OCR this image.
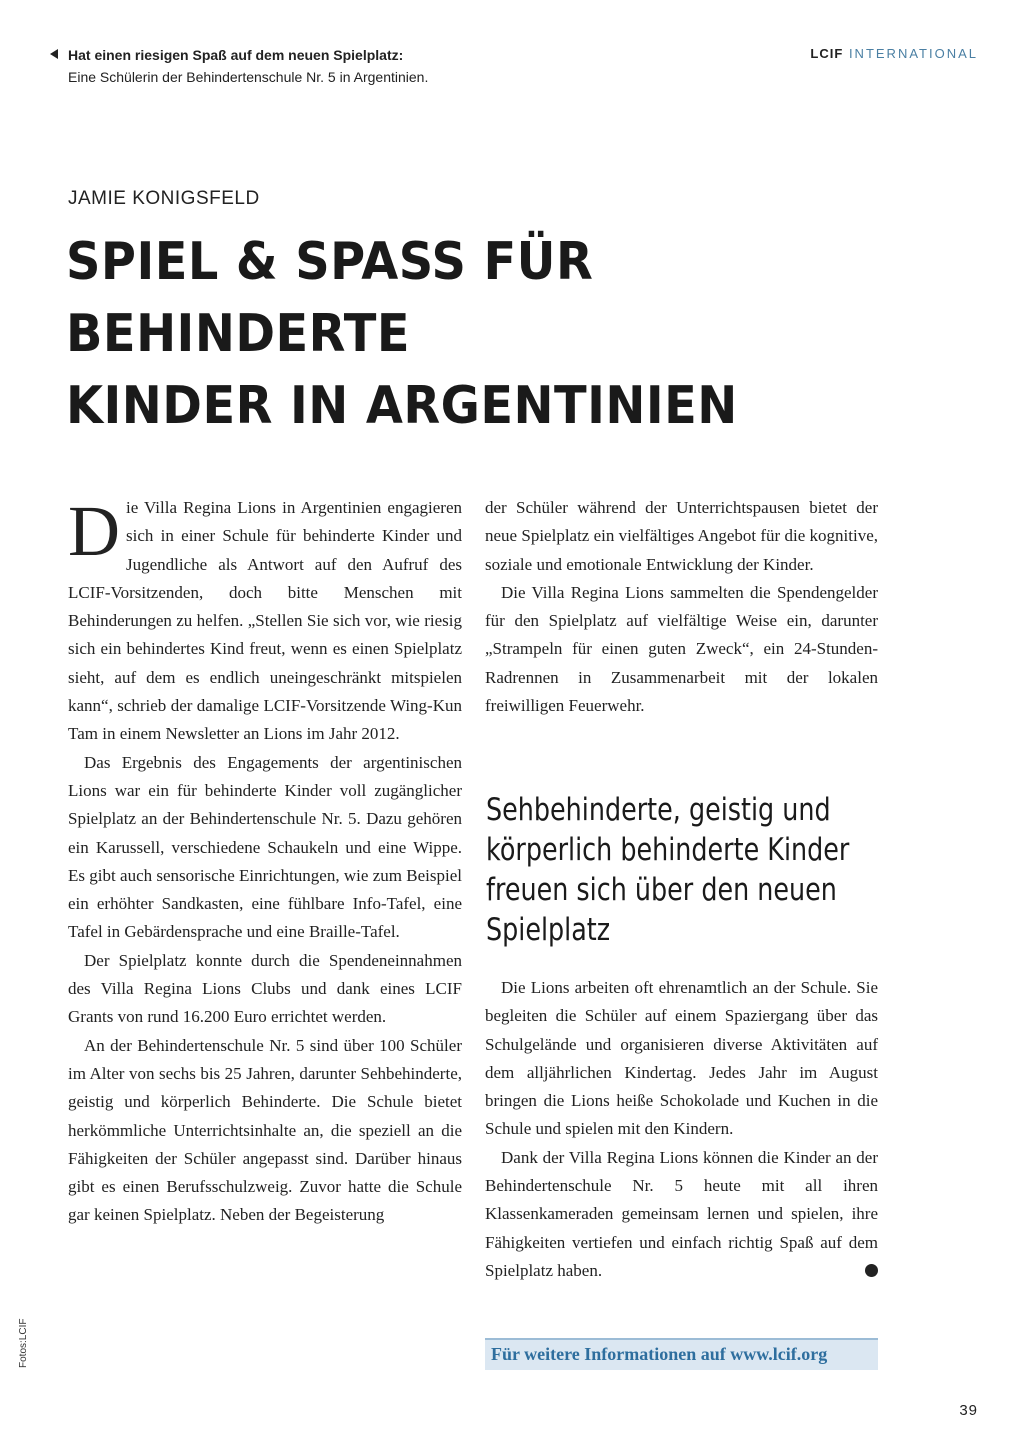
Hat einen riesigen Spaß auf dem neuen Spielplatz:
Eine Schülerin der Behindertenschule Nr. 5 in Argentinien.
LCIF INTERNATIONAL
JAMIE KONIGSFELD
SPIEL & SPASS FÜR BEHINDERTE
KINDER IN ARGENTINIEN

Die Villa Regina Lions in Argentinien engagieren sich in einer Schule für behinderte Kinder und Jugendliche als Antwort auf den Aufruf des LCIF-Vorsitzenden, doch bitte Menschen mit Behinderungen zu helfen. „Stellen Sie sich vor, wie riesig sich ein behindertes Kind freut, wenn es einen Spielplatz sieht, auf dem es endlich uneingeschränkt mitspielen kann“, schrieb der damalige LCIF-Vorsitzende Wing-Kun Tam in einem Newsletter an Lions im Jahr 2012.

Das Ergebnis des Engagements der argentinischen Lions war ein für behinderte Kinder voll zugänglicher Spielplatz an der Behindertenschule Nr. 5. Dazu gehören ein Karussell, verschiedene Schaukeln und eine Wippe. Es gibt auch sensorische Einrichtungen, wie zum Beispiel ein erhöhter Sandkasten, eine fühlbare Info-Tafel, eine Tafel in Gebärdensprache und eine Braille-Tafel.

Der Spielplatz konnte durch die Spendeneinnahmen des Villa Regina Lions Clubs und dank eines LCIF Grants von rund 16.200 Euro errichtet werden.

An der Behindertenschule Nr. 5 sind über 100 Schüler im Alter von sechs bis 25 Jahren, darunter Sehbehinderte, geistig und körperlich Behinderte. Die Schule bietet herkömmliche Unterrichtsinhalte an, die speziell an die Fähigkeiten der Schüler angepasst sind. Darüber hinaus gibt es einen Berufsschulzweig. Zuvor hatte die Schule gar keinen Spielplatz. Neben der Begeisterung

der Schüler während der Unterrichtspausen bietet der neue Spielplatz ein vielfältiges Angebot für die kognitive, soziale und emotionale Entwicklung der Kinder.

Die Villa Regina Lions sammelten die Spendengelder für den Spielplatz auf vielfältige Weise ein, darunter „Strampeln für einen guten Zweck“, ein 24-Stunden-Radrennen in Zusammenarbeit mit der lokalen freiwilligen Feuerwehr.

Sehbehinderte, geistig und körperlich behinderte Kinder freuen sich über den neuen Spielplatz

Die Lions arbeiten oft ehrenamtlich an der Schule. Sie begleiten die Schüler auf einem Spaziergang über das Schulgelände und organisieren diverse Aktivitäten auf dem alljährlichen Kindertag. Jedes Jahr im August bringen die Lions heiße Schokolade und Kuchen in die Schule und spielen mit den Kindern.

Dank der Villa Regina Lions können die Kinder an der Behindertenschule Nr. 5 heute mit all ihren Klassenkameraden gemeinsam lernen und spielen, ihre Fähigkeiten vertiefen und einfach richtig Spaß auf dem Spielplatz haben.	L

Für weitere Informationen auf www.lcif.org
Fotos:LCIF
39
